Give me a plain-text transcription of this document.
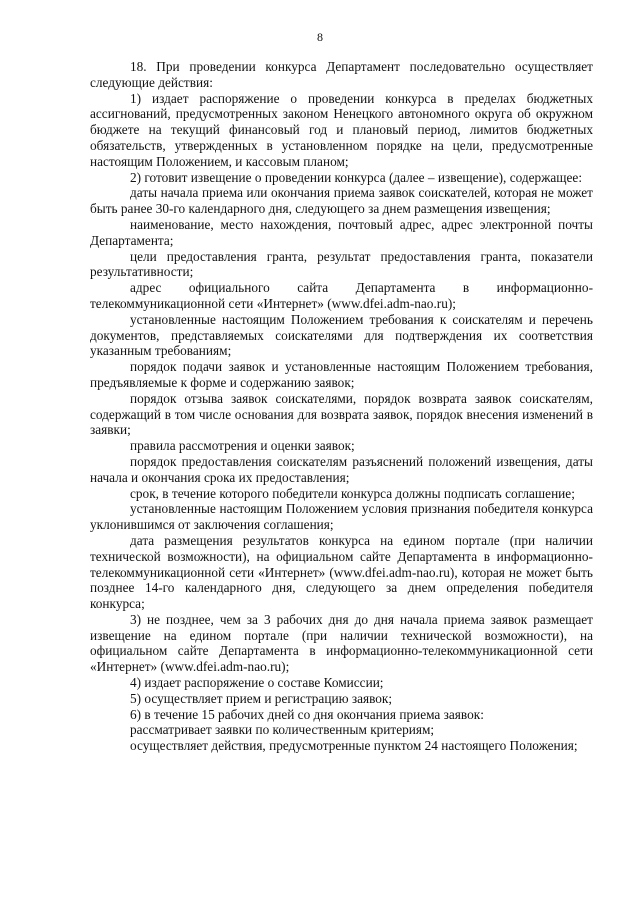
8

18. При проведении конкурса Департамент последовательно осуществляет следующие действия:

1) издает распоряжение о проведении конкурса в пределах бюджетных ассигнований, предусмотренных законом Ненецкого автономного округа об окружном бюджете на текущий финансовый год и плановый период, лимитов бюджетных обязательств, утвержденных в установленном порядке на цели, предусмотренные настоящим Положением, и кассовым планом;

2) готовит извещение о проведении конкурса (далее – извещение), содержащее:

даты начала приема или окончания приема заявок соискателей, которая не может быть ранее 30-го календарного дня, следующего за днем размещения извещения;

наименование, место нахождения, почтовый адрес, адрес электронной почты Департамента;

цели предоставления гранта, результат предоставления гранта, показатели результативности;

адрес официального сайта Департамента в информационно-телекоммуникационной сети «Интернет» (www.dfei.adm-nao.ru);

установленные настоящим Положением требования к соискателям и перечень документов, представляемых соискателями для подтверждения их соответствия указанным требованиям;

порядок подачи заявок и установленные настоящим Положением требования, предъявляемые к форме и содержанию заявок;

порядок отзыва заявок соискателями, порядок возврата заявок соискателям, содержащий в том числе основания для возврата заявок, порядок внесения изменений в заявки;

правила рассмотрения и оценки заявок;

порядок предоставления соискателям разъяснений положений извещения, даты начала и окончания срока их предоставления;

срок, в течение которого победители конкурса должны подписать соглашение;

установленные настоящим Положением условия признания победителя конкурса уклонившимся от заключения соглашения;

дата размещения результатов конкурса на едином портале (при наличии технической возможности), на официальном сайте Департамента в информационно-телекоммуникационной сети «Интернет» (www.dfei.adm-nao.ru), которая не может быть позднее 14-го календарного дня, следующего за днем определения победителя конкурса;

3) не позднее, чем за 3 рабочих дня до дня начала приема заявок размещает извещение на едином портале (при наличии технической возможности), на официальном сайте Департамента в информационно-телекоммуникационной сети «Интернет» (www.dfei.adm-nao.ru);

4) издает распоряжение о составе Комиссии;

5) осуществляет прием и регистрацию заявок;

6) в течение 15 рабочих дней со дня окончания приема заявок:

рассматривает заявки по количественным критериям;

осуществляет действия, предусмотренные пунктом 24 настоящего Положения;
